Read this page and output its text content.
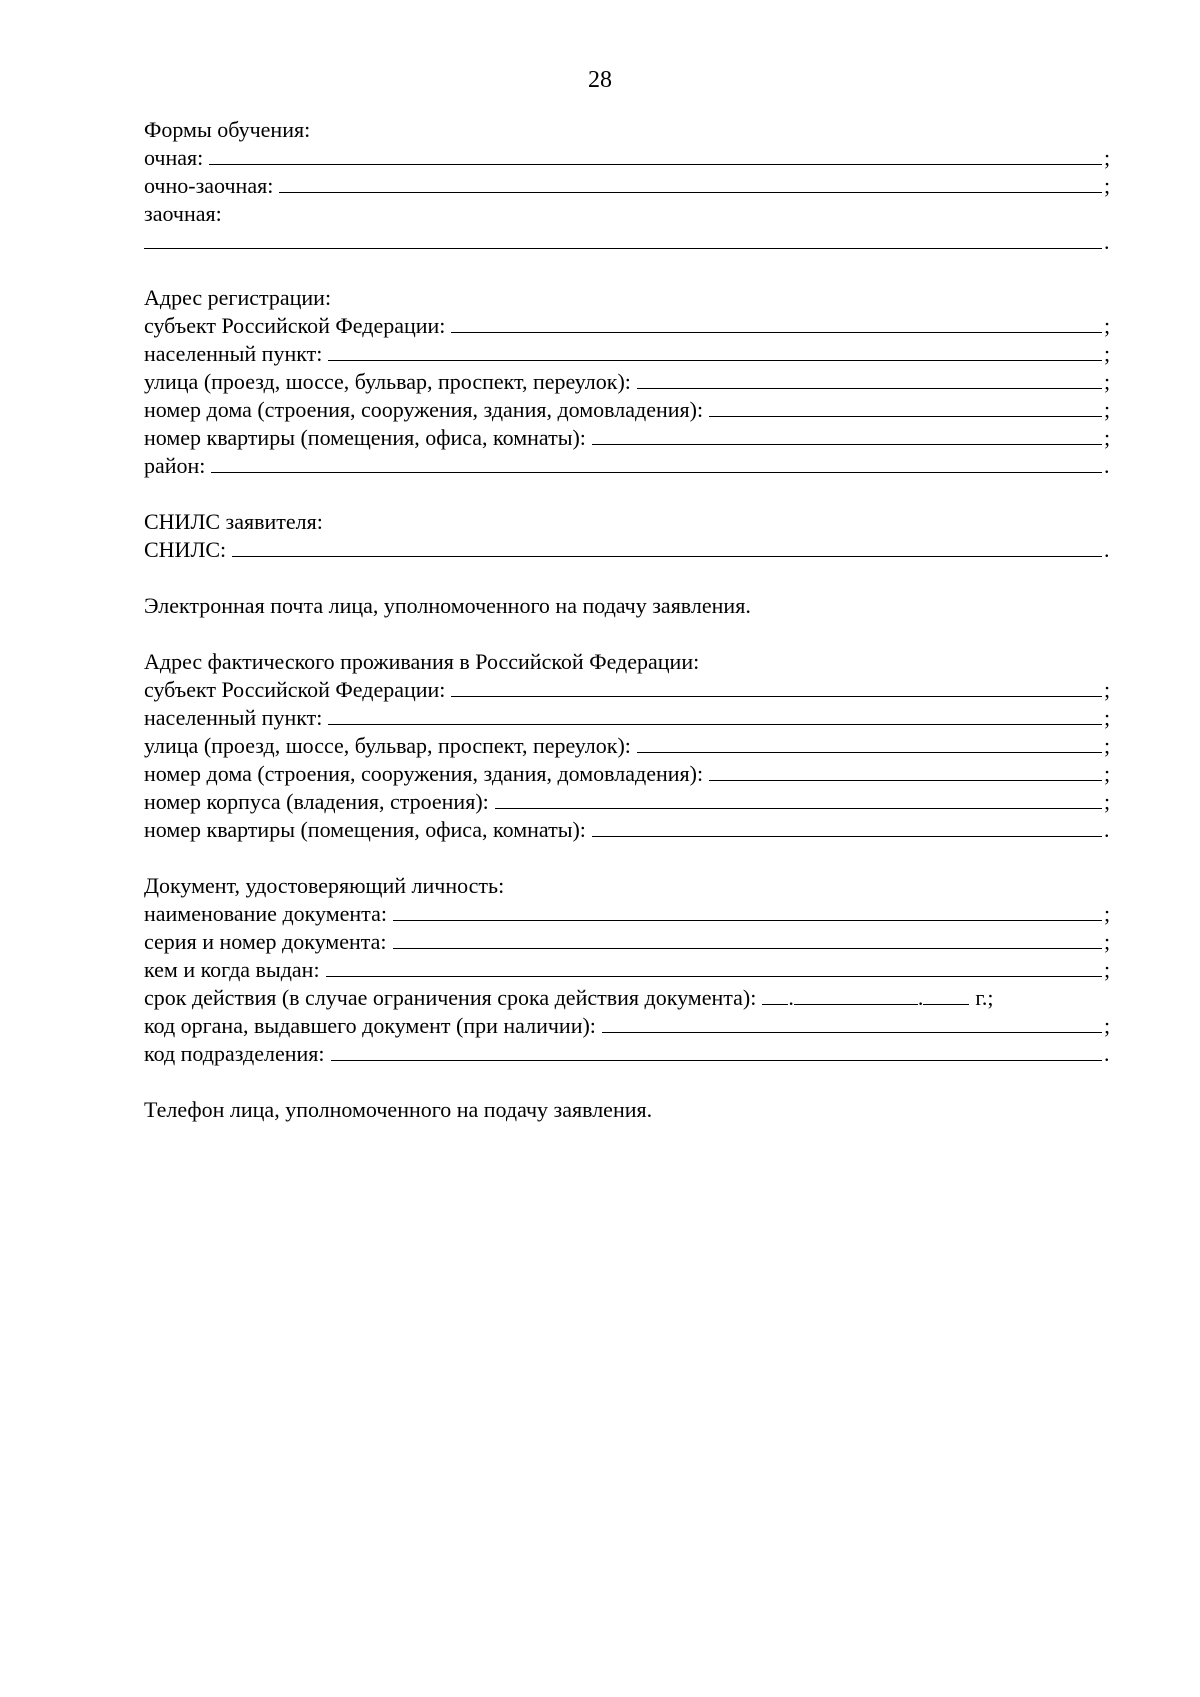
28
Формы обучения:
очная:	;
очно-заочная:	;
заочная:
.
Адрес регистрации:
субъект Российской Федерации:	;
населенный пункт:	;
улица (проезд, шоссе, бульвар, проспект, переулок):	;
номер дома (строения, сооружения, здания, домовладения):	;
номер квартиры (помещения, офиса, комнаты):	;
район:	.
СНИЛС заявителя:
СНИЛС:	.
Электронная почта лица, уполномоченного на подачу заявления.
Адрес фактического проживания в Российской Федерации:
субъект Российской Федерации:	;
населенный пункт:	;
улица (проезд, шоссе, бульвар, проспект, переулок):	;
номер дома (строения, сооружения, здания, домовладения):	;
номер корпуса (владения, строения):	;
номер квартиры (помещения, офиса, комнаты):	.
Документ, удостоверяющий личность:
наименование документа:	;
серия и номер документа:	;
кем и когда выдан:	;
срок действия (в случае ограничения срока действия документа): .	. г.;
код органа, выдавшего документ (при наличии):	;
код подразделения:	.
Телефон лица, уполномоченного на подачу заявления.
